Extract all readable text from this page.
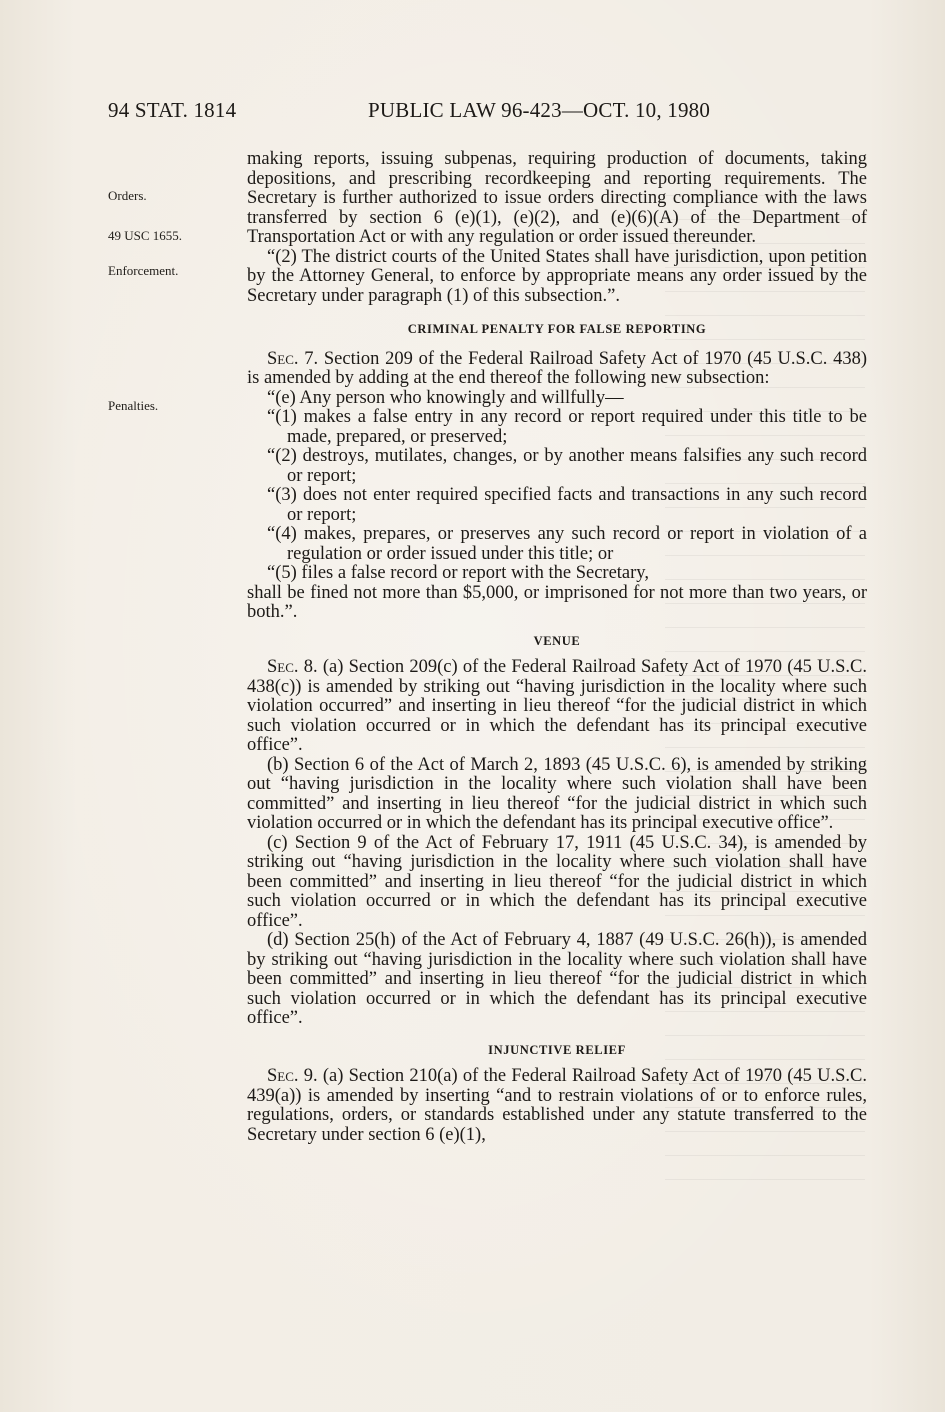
94 STAT. 1814	PUBLIC LAW 96-423—OCT. 10, 1980
Orders.
49 USC 1655.
Enforcement.
Penalties.

making reports, issuing subpenas, requiring production of documents, taking depositions, and prescribing recordkeeping and reporting requirements. The Secretary is further authorized to issue orders directing compliance with the laws transferred by section 6 (e)(1), (e)(2), and (e)(6)(A) of the Department of Transportation Act or with any regulation or order issued thereunder.

“(2) The district courts of the United States shall have jurisdiction, upon petition by the Attorney General, to enforce by appropriate means any order issued by the Secretary under paragraph (1) of this subsection.”.

CRIMINAL PENALTY FOR FALSE REPORTING

Sec. 7. Section 209 of the Federal Railroad Safety Act of 1970 (45 U.S.C. 438) is amended by adding at the end thereof the following new subsection:

“(e) Any person who knowingly and willfully—

“(1) makes a false entry in any record or report required under this title to be made, prepared, or preserved;

“(2) destroys, mutilates, changes, or by another means falsifies any such record or report;

“(3) does not enter required specified facts and transactions in any such record or report;

“(4) makes, prepares, or preserves any such record or report in violation of a regulation or order issued under this title; or

“(5) files a false record or report with the Secretary,

shall be fined not more than $5,000, or imprisoned for not more than two years, or both.”.

VENUE

Sec. 8. (a) Section 209(c) of the Federal Railroad Safety Act of 1970 (45 U.S.C. 438(c)) is amended by striking out “having jurisdiction in the locality where such violation occurred” and inserting in lieu thereof “for the judicial district in which such violation occurred or in which the defendant has its principal executive office”.

(b) Section 6 of the Act of March 2, 1893 (45 U.S.C. 6), is amended by striking out “having jurisdiction in the locality where such violation shall have been committed” and inserting in lieu thereof “for the judicial district in which such violation occurred or in which the defendant has its principal executive office”.

(c) Section 9 of the Act of February 17, 1911 (45 U.S.C. 34), is amended by striking out “having jurisdiction in the locality where such violation shall have been committed” and inserting in lieu thereof “for the judicial district in which such violation occurred or in which the defendant has its principal executive office”.

(d) Section 25(h) of the Act of February 4, 1887 (49 U.S.C. 26(h)), is amended by striking out “having jurisdiction in the locality where such violation shall have been committed” and inserting in lieu thereof “for the judicial district in which such violation occurred or in which the defendant has its principal executive office”.

INJUNCTIVE RELIEF

Sec. 9. (a) Section 210(a) of the Federal Railroad Safety Act of 1970 (45 U.S.C. 439(a)) is amended by inserting “and to restrain violations of or to enforce rules, regulations, orders, or standards established under any statute transferred to the Secretary under section 6 (e)(1),
